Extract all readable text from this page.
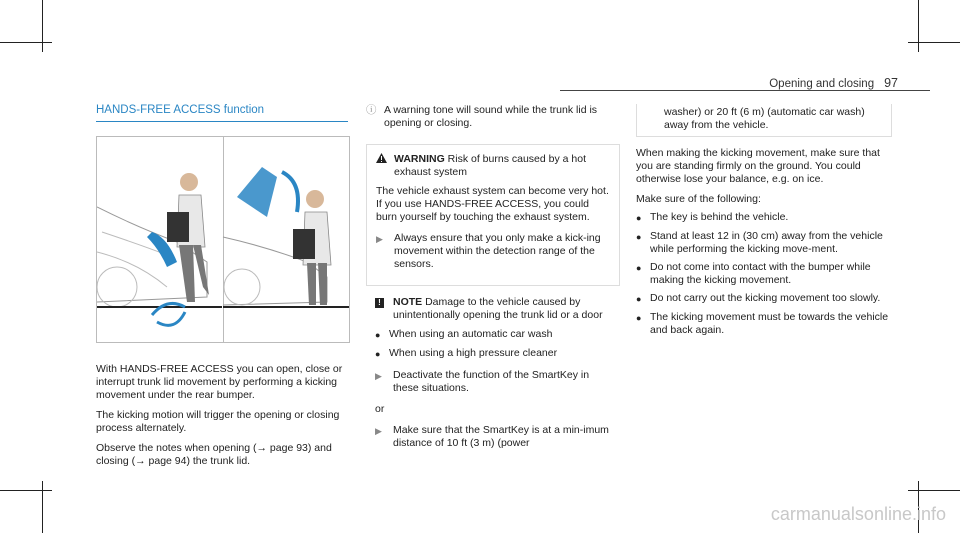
Opening and closing 97
HANDS-FREE ACCESS function

With HANDS-FREE ACCESS you can open, close or interrupt trunk lid movement by performing a kicking movement under the rear bumper.

The kicking motion will trigger the opening or closing process alternately.

Observe the notes when opening (→ page 93) and closing (→ page 94) the trunk lid.

ⓘ A warning tone will sound while the trunk lid is opening or closing.
WARNING Risk of burns caused by a hot exhaust system

The vehicle exhaust system can become very hot. If you use HANDS-FREE ACCESS, you could burn yourself by touching the exhaust system.

▶	Always ensure that you only make a kick-ing movement within the detection range of the sensors.
!	NOTE Damage to the vehicle caused by unintentionally opening the trunk lid or a door
● When using an automatic car wash
● When using a high pressure cleaner
▶	Deactivate the function of the SmartKey in these situations.
or
▶	Make sure that the SmartKey is at a min-imum distance of 10 ft (3 m) (power
washer) or 20 ft (6 m) (automatic car wash) away from the vehicle.

When making the kicking movement, make sure that you are standing firmly on the ground. You could otherwise lose your balance, e.g. on ice.

Make sure of the following:

● The key is behind the vehicle.
● Stand at least 12 in (30 cm) away from the vehicle while performing the kicking move-ment.
● Do not come into contact with the bumper while making the kicking movement.
● Do not carry out the kicking movement too slowly.
● The kicking movement must be towards the vehicle and back again.
carmanualsonline.info
